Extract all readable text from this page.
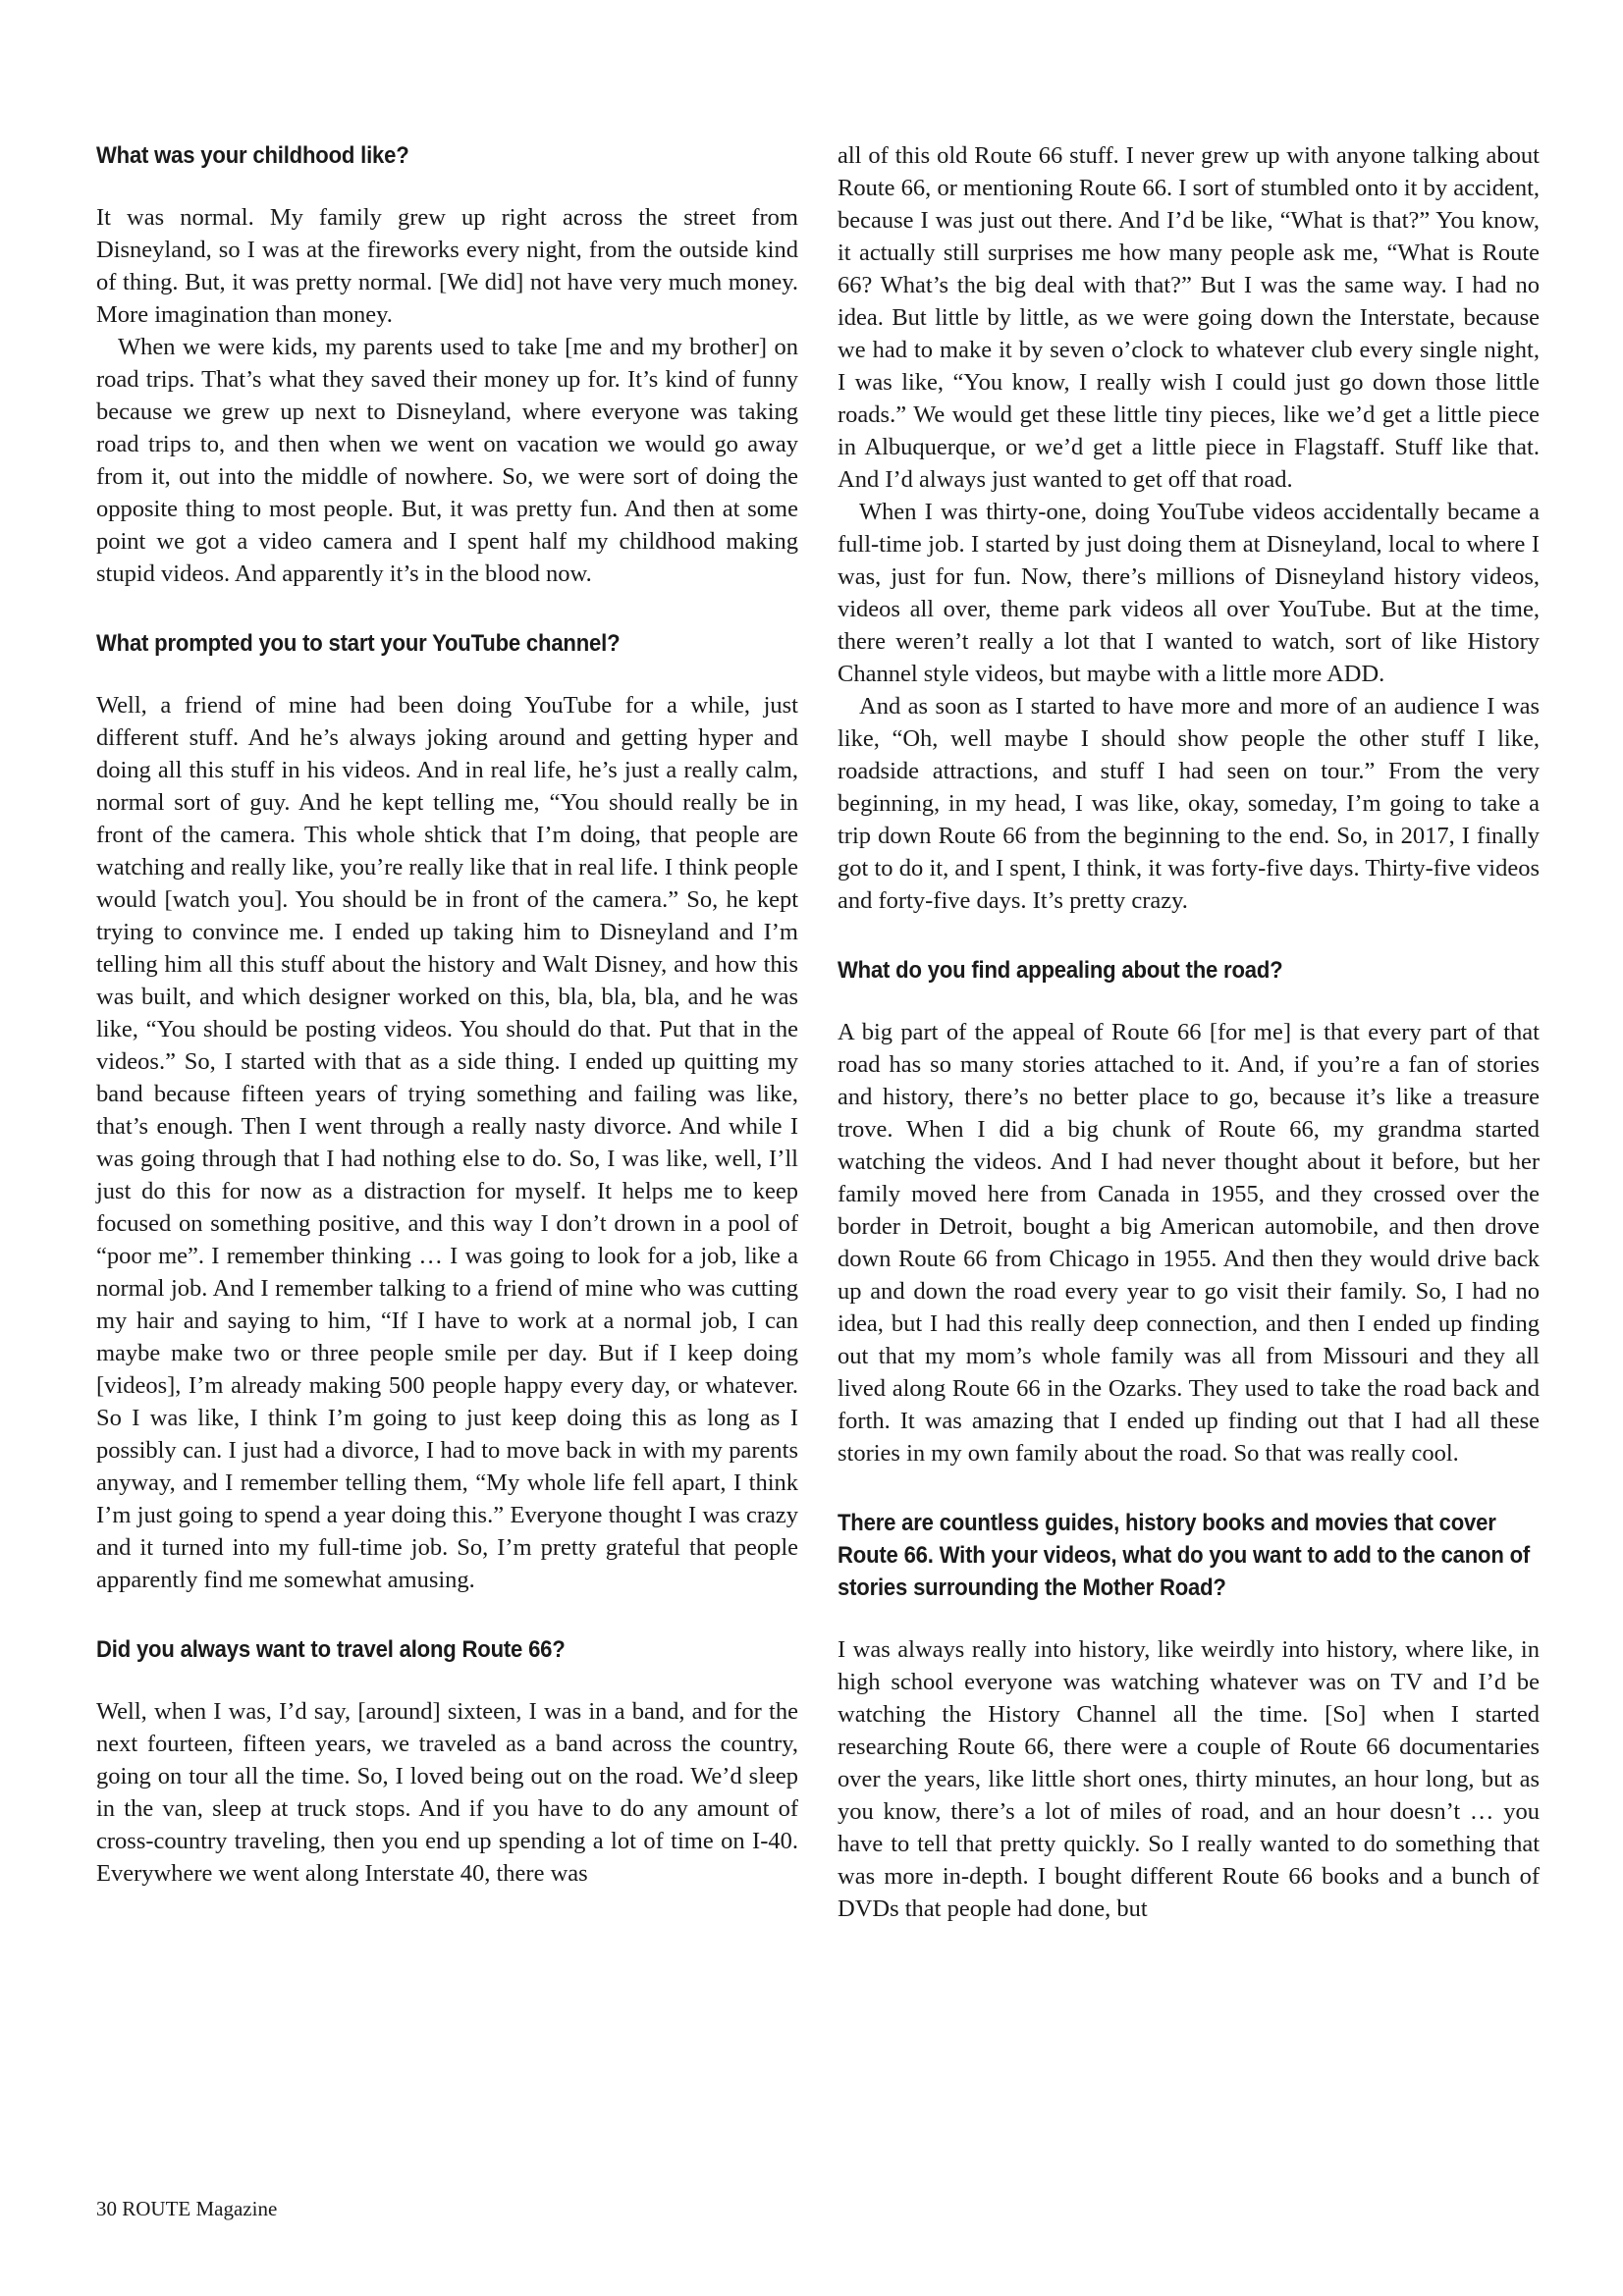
What was your childhood like?

It was normal. My family grew up right across the street from Disneyland, so I was at the fireworks every night, from the outside kind of thing. But, it was pretty normal. [We did] not have very much money. More imagination than money.

When we were kids, my parents used to take [me and my brother] on road trips. That’s what they saved their money up for. It’s kind of funny because we grew up next to Disneyland, where everyone was taking road trips to, and then when we went on vacation we would go away from it, out into the middle of nowhere. So, we were sort of doing the opposite thing to most people. But, it was pretty fun. And then at some point we got a video camera and I spent half my childhood making stupid videos. And apparently it’s in the blood now.

What prompted you to start your YouTube channel?

Well, a friend of mine had been doing YouTube for a while, just different stuff. And he’s always joking around and getting hyper and doing all this stuff in his videos. And in real life, he’s just a really calm, normal sort of guy. And he kept telling me, “You should really be in front of the camera. This whole shtick that I’m doing, that people are watching and really like, you’re really like that in real life. I think people would [watch you]. You should be in front of the camera.” So, he kept trying to convince me. I ended up taking him to Disneyland and I’m telling him all this stuff about the history and Walt Disney, and how this was built, and which designer worked on this, bla, bla, bla, and he was like, “You should be posting videos. You should do that. Put that in the videos.” So, I started with that as a side thing. I ended up quitting my band because fifteen years of trying something and failing was like, that’s enough. Then I went through a really nasty divorce. And while I was going through that I had nothing else to do. So, I was like, well, I’ll just do this for now as a distraction for myself. It helps me to keep focused on something positive, and this way I don’t drown in a pool of “poor me”. I remember thinking … I was going to look for a job, like a normal job. And I remember talking to a friend of mine who was cutting my hair and saying to him, “If I have to work at a normal job, I can maybe make two or three people smile per day. But if I keep doing [videos], I’m already making 500 people happy every day, or whatever. So I was like, I think I’m going to just keep doing this as long as I possibly can. I just had a divorce, I had to move back in with my parents anyway, and I remember telling them, “My whole life fell apart, I think I’m just going to spend a year doing this.” Everyone thought I was crazy and it turned into my full-time job. So, I’m pretty grateful that people apparently find me somewhat amusing.

Did you always want to travel along Route 66?

Well, when I was, I’d say, [around] sixteen, I was in a band, and for the next fourteen, fifteen years, we traveled as a band across the country, going on tour all the time. So, I loved being out on the road. We’d sleep in the van, sleep at truck stops. And if you have to do any amount of cross-country traveling, then you end up spending a lot of time on I-40. Everywhere we went along Interstate 40, there was

all of this old Route 66 stuff. I never grew up with anyone talking about Route 66, or mentioning Route 66. I sort of stumbled onto it by accident, because I was just out there. And I’d be like, “What is that?” You know, it actually still surprises me how many people ask me, “What is Route 66? What’s the big deal with that?” But I was the same way. I had no idea. But little by little, as we were going down the Interstate, because we had to make it by seven o’clock to whatever club every single night, I was like, “You know, I really wish I could just go down those little roads.” We would get these little tiny pieces, like we’d get a little piece in Albuquerque, or we’d get a little piece in Flagstaff. Stuff like that. And I’d always just wanted to get off that road.

When I was thirty-one, doing YouTube videos accidentally became a full-time job. I started by just doing them at Disneyland, local to where I was, just for fun. Now, there’s millions of Disneyland history videos, videos all over, theme park videos all over YouTube. But at the time, there weren’t really a lot that I wanted to watch, sort of like History Channel style videos, but maybe with a little more ADD.

And as soon as I started to have more and more of an audience I was like, “Oh, well maybe I should show people the other stuff I like, roadside attractions, and stuff I had seen on tour.” From the very beginning, in my head, I was like, okay, someday, I’m going to take a trip down Route 66 from the beginning to the end. So, in 2017, I finally got to do it, and I spent, I think, it was forty-five days. Thirty-five videos and forty-five days. It’s pretty crazy.

What do you find appealing about the road?

A big part of the appeal of Route 66 [for me] is that every part of that road has so many stories attached to it. And, if you’re a fan of stories and history, there’s no better place to go, because it’s like a treasure trove. When I did a big chunk of Route 66, my grandma started watching the videos. And I had never thought about it before, but her family moved here from Canada in 1955, and they crossed over the border in Detroit, bought a big American automobile, and then drove down Route 66 from Chicago in 1955. And then they would drive back up and down the road every year to go visit their family. So, I had no idea, but I had this really deep connection, and then I ended up finding out that my mom’s whole family was all from Missouri and they all lived along Route 66 in the Ozarks. They used to take the road back and forth. It was amazing that I ended up finding out that I had all these stories in my own family about the road. So that was really cool.

There are countless guides, history books and movies that cover Route 66. With your videos, what do you want to add to the canon of stories surrounding the Mother Road?

I was always really into history, like weirdly into history, where like, in high school everyone was watching whatever was on TV and I’d be watching the History Channel all the time. [So] when I started researching Route 66, there were a couple of Route 66 documentaries over the years, like little short ones, thirty minutes, an hour long, but as you know, there’s a lot of miles of road, and an hour doesn’t … you have to tell that pretty quickly. So I really wanted to do something that was more in-depth. I bought different Route 66 books and a bunch of DVDs that people had done, but

30 ROUTE Magazine
